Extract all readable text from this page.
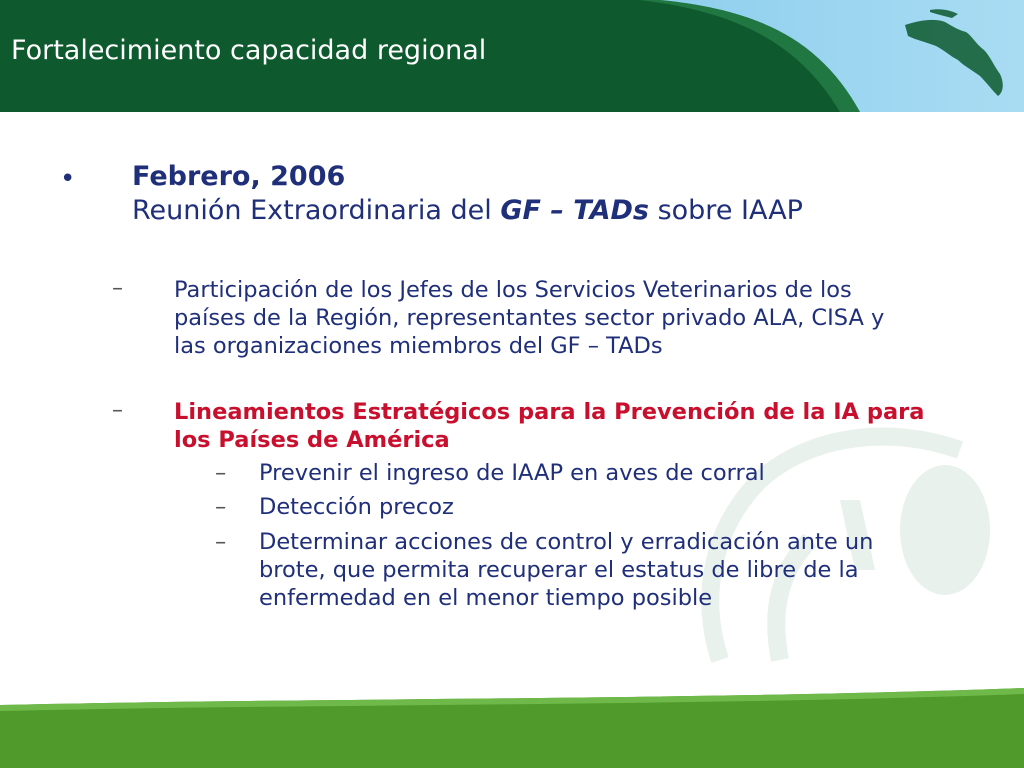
Fortalecimiento capacidad regional
• Febrero, 2006
Reunión Extraordinaria del GF – TADs sobre IAAP
– Participación de los Jefes de los Servicios Veterinarios de los
países de la Región, representantes sector privado ALA, CISA y
las organizaciones miembros del GF – TADs
– Lineamientos Estratégicos para la Prevención de la IA para
los Países de América
– Prevenir el ingreso de IAAP en aves de corral
– Detección precoz
– Determinar acciones de control y erradicación ante un
brote, que permita recuperar el estatus de libre de la
enfermedad en el menor tiempo posible
